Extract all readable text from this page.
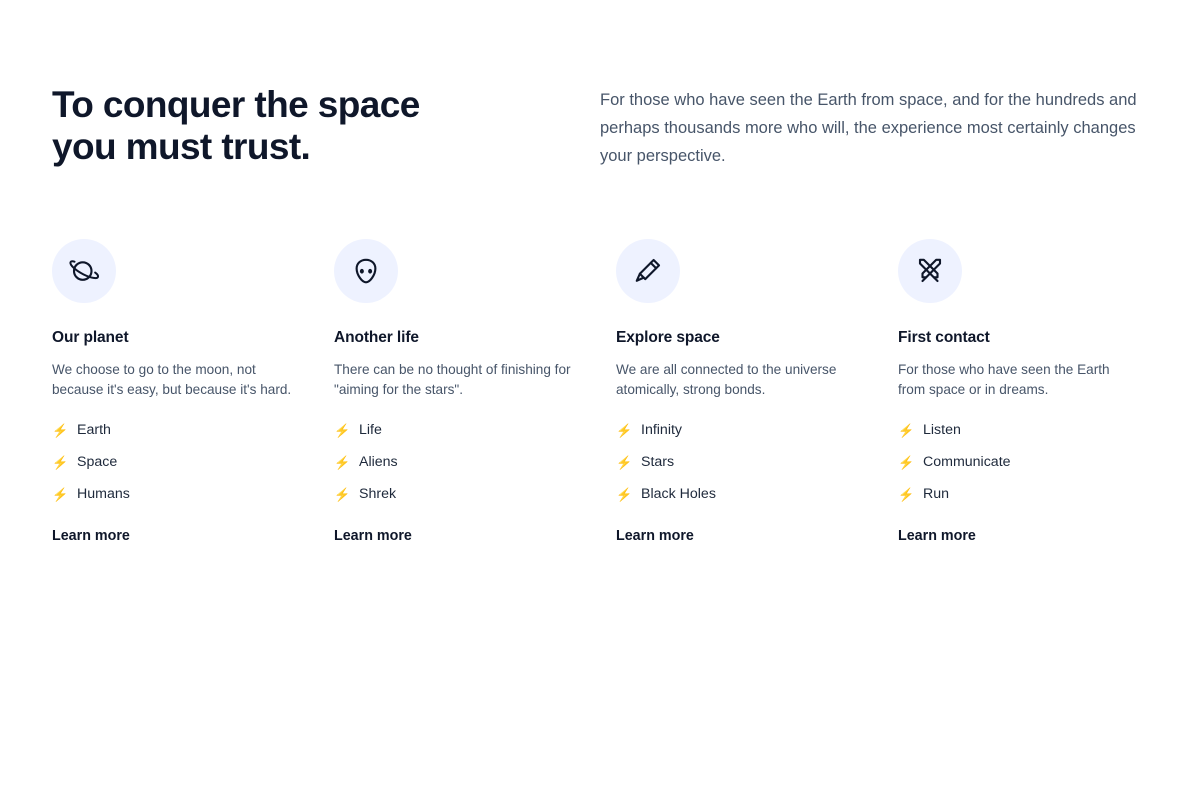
To conquer the space
you must trust.

For those who have seen the Earth from space, and for the hundreds and perhaps thousands more who will, the experience most certainly changes your perspective.

Our planet

We choose to go to the moon, not because it's easy, but because it's hard.

⚡ Earth
⚡ Space
⚡ Humans
Learn more
Another life

There can be no thought of finishing for "aiming for the stars".

⚡ Life
⚡ Aliens
⚡ Shrek
Learn more
Explore space

We are all connected to the universe atomically, strong bonds.

⚡ Infinity
⚡ Stars
⚡ Black Holes
Learn more
First contact

For those who have seen the Earth from space or in dreams.

⚡ Listen
⚡ Communicate
⚡ Run
Learn more
